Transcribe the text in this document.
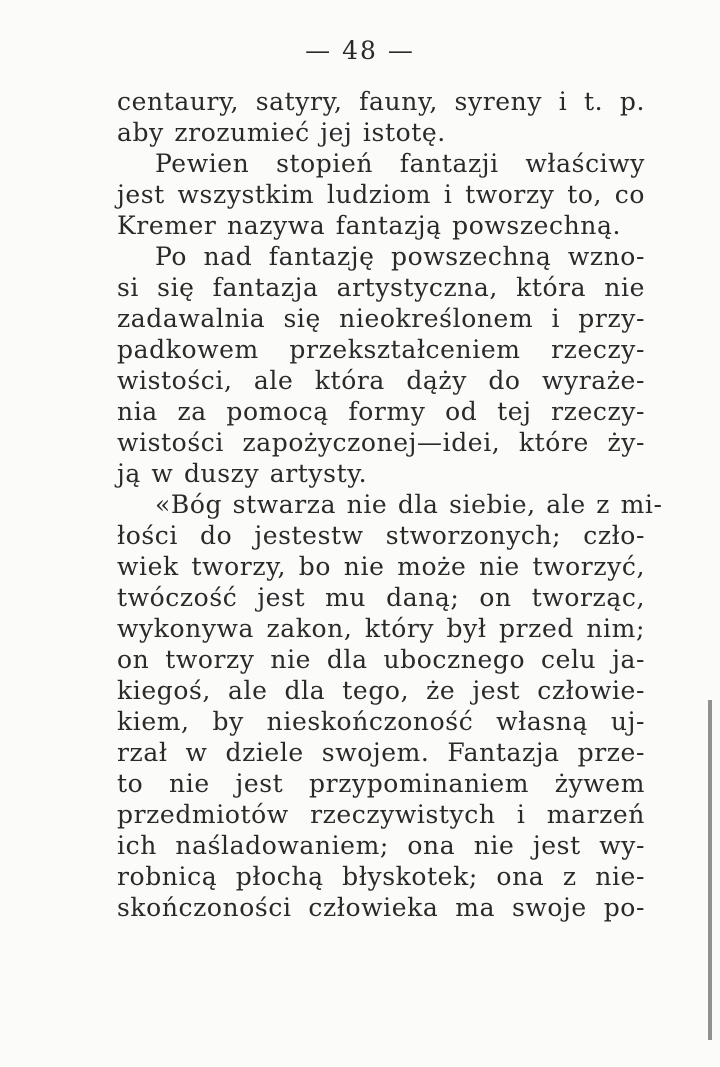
— 48 —
centaury, satyry, fauny, syreny i t. p.
aby zrozumieć jej istotę.
Pewien stopień fantazji właściwy
jest wszystkim ludziom i tworzy to, co
Kremer nazywa fantazją powszechną.
Po nad fantazję powszechną wzno-
si się fantazja artystyczna, która nie
zadawalnia się nieokreślonem i przy-
padkowem przekształceniem rzeczy-
wistości, ale która dąży do wyraże-
nia za pomocą formy od tej rzeczy-
wistości zapożyczonej—idei, które ży-
ją w duszy artysty.
«Bóg stwarza nie dla siebie, ale z mi-
łości do jestestw stworzonych; czło-
wiek tworzy, bo nie może nie tworzyć,
twóczość jest mu daną; on tworząc,
wykonywa zakon, który był przed nim;
on tworzy nie dla ubocznego celu ja-
kiegoś, ale dla tego, że jest człowie-
kiem, by nieskończoność własną uj-
rzał w dziele swojem. Fantazja prze-
to nie jest przypominaniem żywem
przedmiotów rzeczywistych i marzeń
ich naśladowaniem; ona nie jest wy-
robnicą płochą błyskotek; ona z nie-
skończoności człowieka ma swoje po-
